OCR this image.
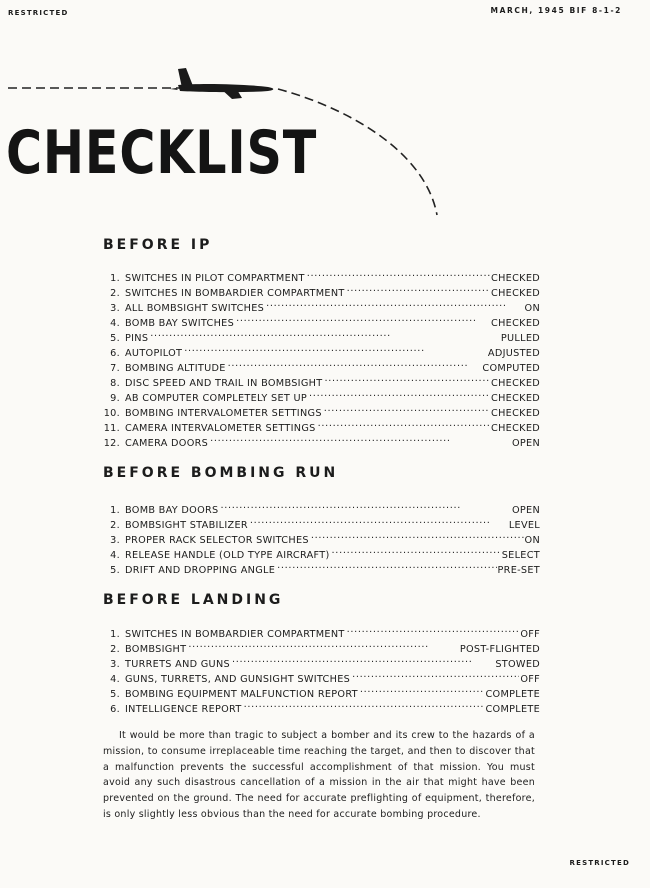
RESTRICTED	MARCH, 1945 BIF 8-1-2
CHECKLIST
BEFORE IP
1. SWITCHES IN PILOT COMPARTMENT . . .	CHECKED
2. SWITCHES IN BOMBARDIER COMPARTMENT . . .	CHECKED
3. ALL BOMBSIGHT SWITCHES . . .	ON
4. BOMB BAY SWITCHES . . .	CHECKED
5. PINS . . .	PULLED
6. AUTOPILOT . . .	ADJUSTED
7. BOMBING ALTITUDE . . .	COMPUTED
8. DISC SPEED AND TRAIL IN BOMBSIGHT . . .	CHECKED
9. AB COMPUTER COMPLETELY SET UP . . .	CHECKED
10. BOMBING INTERVALOMETER SETTINGS . . .	CHECKED
11. CAMERA INTERVALOMETER SETTINGS . . .	CHECKED
12. CAMERA DOORS . . .	OPEN
BEFORE BOMBING RUN
1. BOMB BAY DOORS . . .	OPEN
2. BOMBSIGHT STABILIZER . . .	LEVEL
3. PROPER RACK SELECTOR SWITCHES . . .	ON
4. RELEASE HANDLE (OLD TYPE AIRCRAFT) . . .	SELECT
5. DRIFT AND DROPPING ANGLE . . .	PRE-SET
BEFORE LANDING
1. SWITCHES IN BOMBARDIER COMPARTMENT . . .	OFF
2. BOMBSIGHT . . .	POST-FLIGHTED
3. TURRETS AND GUNS . . .	STOWED
4. GUNS, TURRETS, AND GUNSIGHT SWITCHES . . .	OFF
5. BOMBING EQUIPMENT MALFUNCTION REPORT . . .	COMPLETE
6. INTELLIGENCE REPORT . . .	COMPLETE

It would be more than tragic to subject a bomber and its crew to the hazards of a mission, to consume irreplaceable time reaching the target, and then to discover that a malfunction prevents the successful accomplishment of that mission. You must avoid any such disastrous cancellation of a mission in the air that might have been prevented on the ground. The need for accurate preflighting of equipment, therefore, is only slightly less obvious than the need for accurate bombing procedure.

RESTRICTED
